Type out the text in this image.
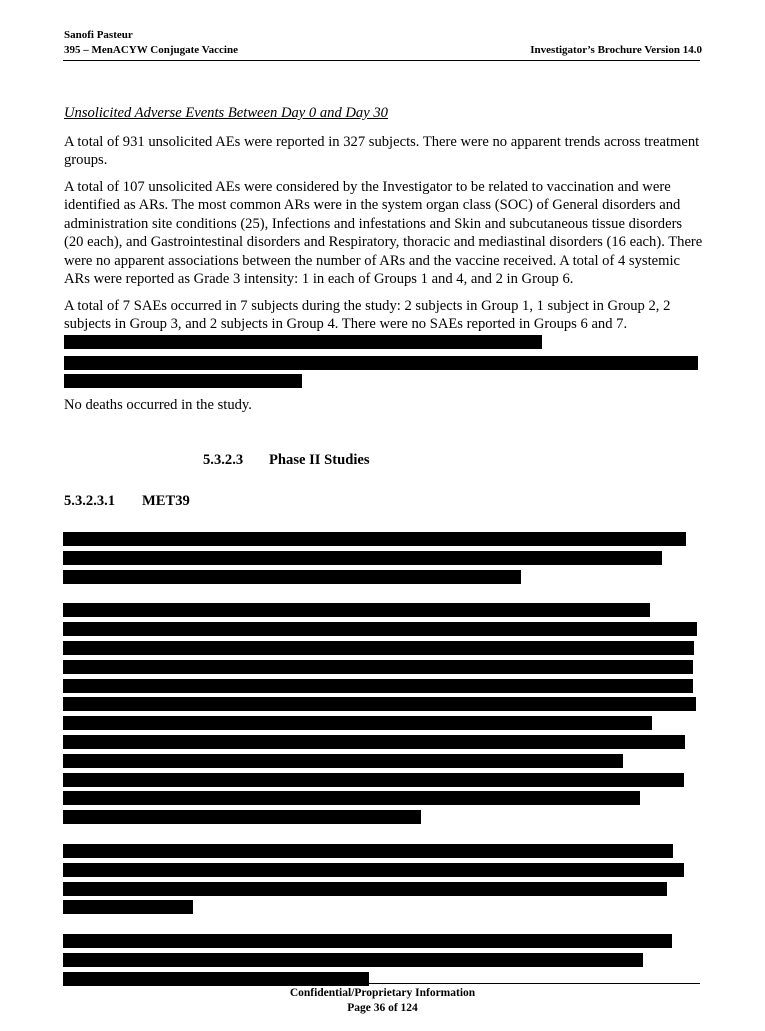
Sanofi Pasteur
395 – MenACYW Conjugate Vaccine	Investigator’s Brochure Version 14.0

Unsolicited Adverse Events Between Day 0 and Day 30

A total of 931 unsolicited AEs were reported in 327 subjects. There were no apparent trends across treatment groups.

A total of 107 unsolicited AEs were considered by the Investigator to be related to vaccination and were identified as ARs. The most common ARs were in the system organ class (SOC) of General disorders and administration site conditions (25), Infections and infestations and Skin and subcutaneous tissue disorders (20 each), and Gastrointestinal disorders and Respiratory, thoracic and mediastinal disorders (16 each). There were no apparent associations between the number of ARs and the vaccine received. A total of 4 systemic ARs were reported as Grade 3 intensity: 1 in each of Groups 1 and 4, and 2 in Group 6.

A total of 7 SAEs occurred in 7 subjects during the study: 2 subjects in Group 1, 1 subject in Group 2, 2 subjects in Group 3, and 2 subjects in Group 4. There were no SAEs reported in Groups 6 and 7.

No deaths occurred in the study.

5.3.2.3 Phase II Studies
5.3.2.3.1 MET39
Confidential/Proprietary Information
Page 36 of 124
